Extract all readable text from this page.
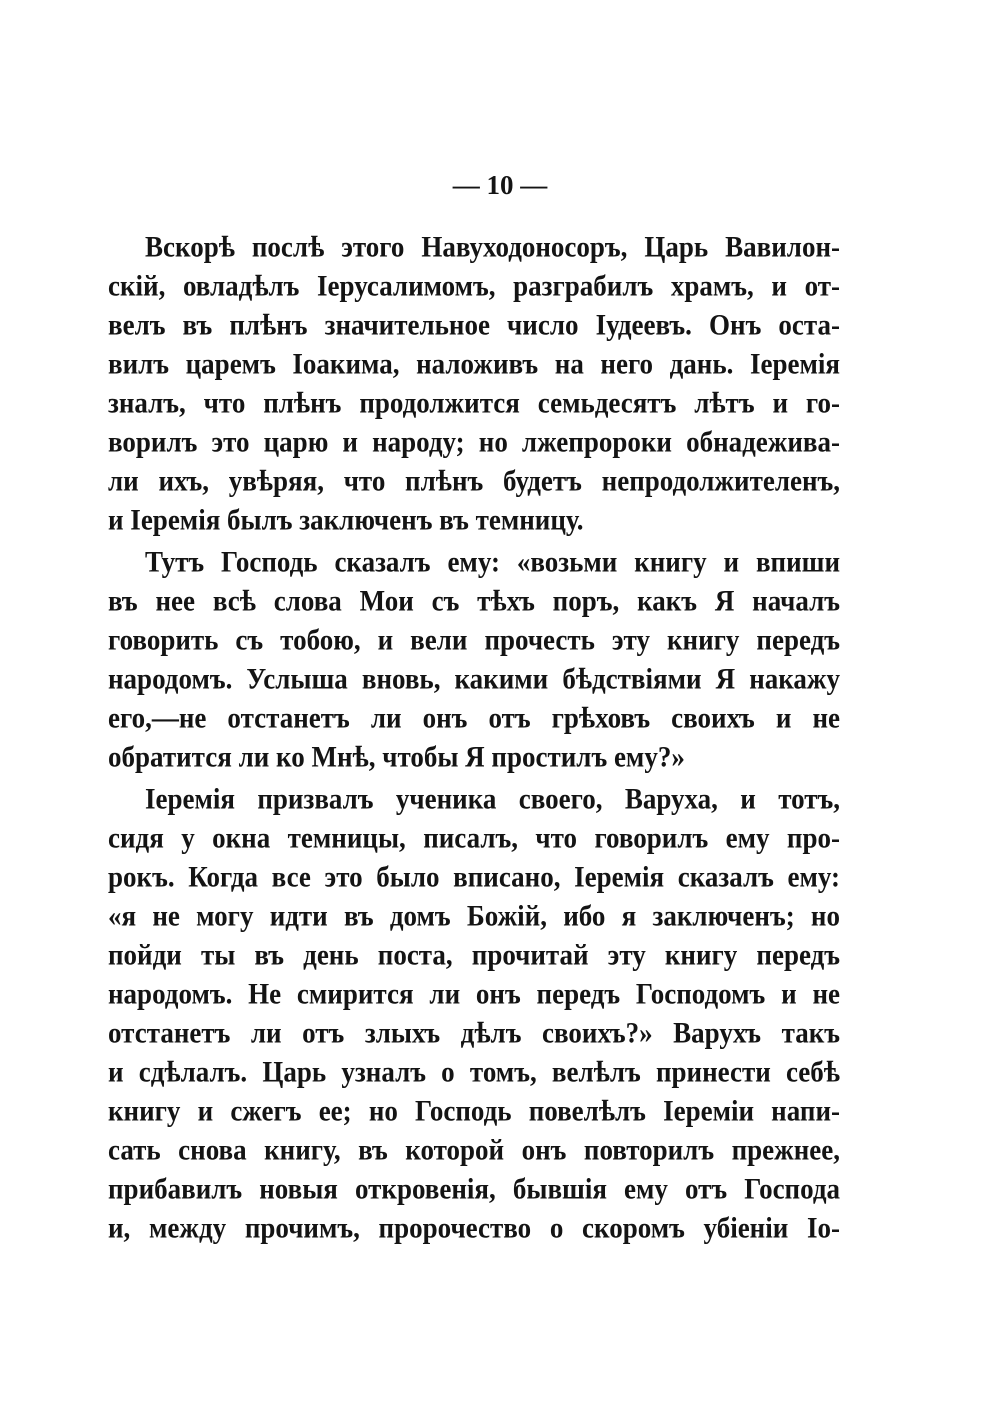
— 10 —
Вскорѣ послѣ этого Навуходоносоръ, Царь Вавилон-
скій, овладѣлъ Іерусалимомъ, разграбилъ храмъ, и от-
велъ въ плѣнъ значительное число Іудеевъ. Онъ оста-
вилъ царемъ Іоакима, наложивъ на него дань. Іеремія
зналъ, что плѣнъ продолжится семьдесятъ лѣтъ и го-
ворилъ это царю и народу; но лжепророки обнадежива-
ли ихъ, увѣряя, что плѣнъ будетъ непродолжителенъ,
и Іеремія былъ заключенъ въ темницу.
Тутъ Господь сказалъ ему: «возьми книгу и впиши
въ нее всѣ слова Мои съ тѣхъ поръ, какъ Я началъ
говорить съ тобою, и вели прочесть эту книгу передъ
народомъ. Услыша вновь, какими бѣдствіями Я накажу
его,—не отстанетъ ли онъ отъ грѣховъ своихъ и не
обратится ли ко Мнѣ, чтобы Я простилъ ему?»
Іеремія призвалъ ученика своего, Варуха, и тотъ,
сидя у окна темницы, писалъ, что говорилъ ему про-
рокъ. Когда все это было вписано, Іеремія сказалъ ему:
«я не могу идти въ домъ Божій, ибо я заключенъ; но
пойди ты въ день поста, прочитай эту книгу передъ
народомъ. Не смирится ли онъ передъ Господомъ и не
отстанетъ ли отъ злыхъ дѣлъ своихъ?» Варухъ такъ
и сдѣлалъ. Царь узналъ о томъ, велѣлъ принести себѣ
книгу и сжегъ ее; но Господь повелѣлъ Іереміи напи-
сать снова книгу, въ которой онъ повторилъ прежнее,
прибавилъ новыя откровенія, бывшія ему отъ Господа
и, между прочимъ, пророчество о скоромъ убіеніи Іо-
